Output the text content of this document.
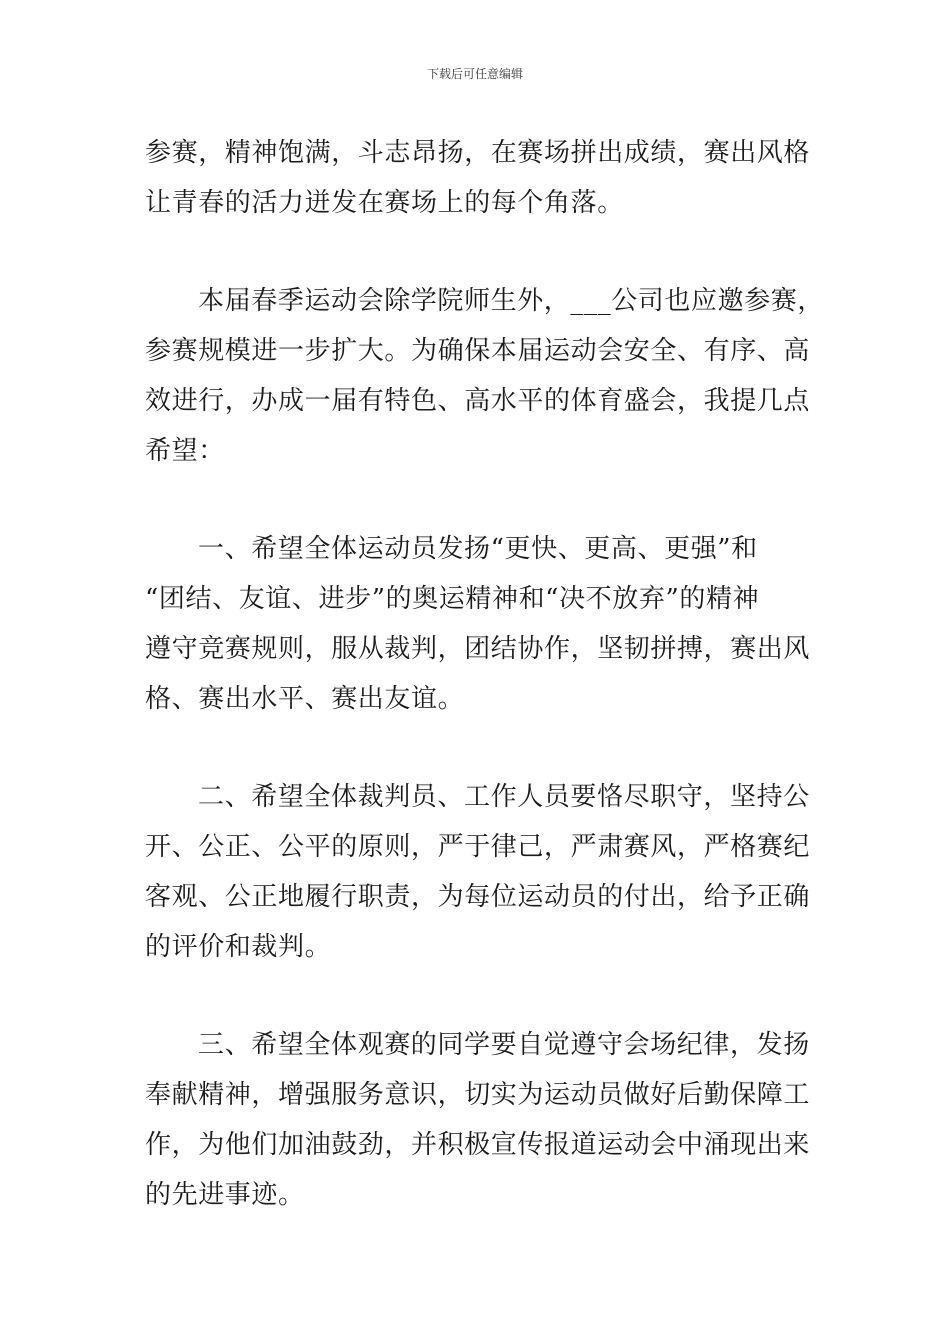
下载后可任意编辑
参赛，精神饱满，斗志昂扬，在赛场拼出成绩，赛出风格
让青春的活力迸发在赛场上的每个角落。
本届春季运动会除学院师生外，___公司也应邀参赛，
参赛规模进一步扩大。为确保本届运动会安全、有序、高
效进行，办成一届有特色、高水平的体育盛会，我提几点
希望：
一、希望全体运动员发扬“更快、更高、更强”和
“团结、友谊、进步”的奥运精神和“决不放弃”的精神
遵守竞赛规则，服从裁判，团结协作，坚韧拼搏，赛出风
格、赛出水平、赛出友谊。
二、希望全体裁判员、工作人员要恪尽职守，坚持公
开、公正、公平的原则，严于律己，严肃赛风，严格赛纪
客观、公正地履行职责，为每位运动员的付出，给予正确
的评价和裁判。
三、希望全体观赛的同学要自觉遵守会场纪律，发扬
奉献精神，增强服务意识，切实为运动员做好后勤保障工
作，为他们加油鼓劲，并积极宣传报道运动会中涌现出来
的先进事迹。
